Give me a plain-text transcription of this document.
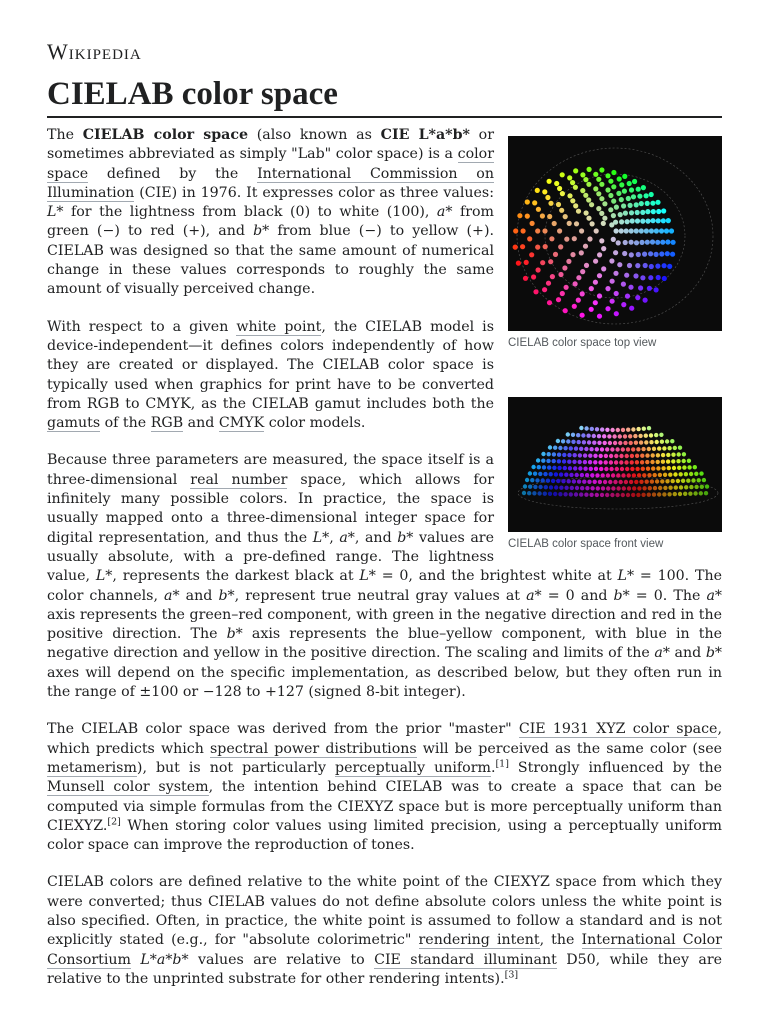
Wikipedia
CIELAB color space
CIELAB color space top view
CIELAB color space front view

The CIELAB color space (also known as CIE L*a*b* or sometimes abbreviated as simply "Lab" color space) is a color space defined by the International Commission on Illumination (CIE) in 1976. It expresses color as three values: L* for the lightness from black (0) to white (100), a* from green (−) to red (+), and b* from blue (−) to yellow (+). CIELAB was designed so that the same amount of numerical change in these values corresponds to roughly the same amount of visually perceived change.

With respect to a given white point, the CIELAB model is device-independent—it defines colors independently of how they are created or displayed. The CIELAB color space is typically used when graphics for print have to be converted from RGB to CMYK, as the CIELAB gamut includes both the gamuts of the RGB and CMYK color models.

Because three parameters are measured, the space itself is a three-dimensional real number space, which allows for infinitely many possible colors. In practice, the space is usually mapped onto a three-dimensional integer space for digital representation, and thus the L*, a*, and b* values are usually absolute, with a pre-defined range. The lightness value, L*, represents the darkest black at L* = 0, and the brightest white at L* = 100. The color channels, a* and b*, represent true neutral gray values at a* = 0 and b* = 0. The a* axis represents the green–red component, with green in the negative direction and red in the positive direction. The b* axis represents the blue–yellow component, with blue in the negative direction and yellow in the positive direction. The scaling and limits of the a* and b* axes will depend on the specific implementation, as described below, but they often run in the range of ±100 or −128 to +127 (signed 8-bit integer).

The CIELAB color space was derived from the prior "master" CIE 1931 XYZ color space, which predicts which spectral power distributions will be perceived as the same color (see metamerism), but is not particularly perceptually uniform.[1] Strongly influenced by the Munsell color system, the intention behind CIELAB was to create a space that can be computed via simple formulas from the CIEXYZ space but is more perceptually uniform than CIEXYZ.[2] When storing color values using limited precision, using a perceptually uniform color space can improve the reproduction of tones.

CIELAB colors are defined relative to the white point of the CIEXYZ space from which they were converted; thus CIELAB values do not define absolute colors unless the white point is also specified. Often, in practice, the white point is assumed to follow a standard and is not explicitly stated (e.g., for "absolute colorimetric" rendering intent, the International Color Consortium L*a*b* values are relative to CIE standard illuminant D50, while they are relative to the unprinted substrate for other rendering intents).[3]
